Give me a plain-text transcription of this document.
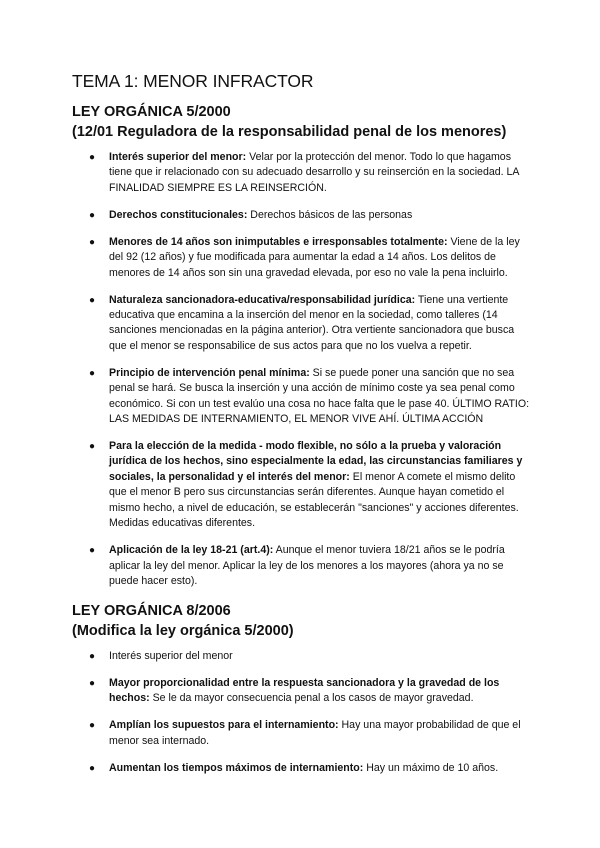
TEMA 1: MENOR INFRACTOR
LEY ORGÁNICA 5/2000
(12/01 Reguladora de la responsabilidad penal de los menores)
● Interés superior del menor: Velar por la protección del menor. Todo lo que hagamos tiene que ir relacionado con su adecuado desarrollo y su reinserción en la sociedad. LA FINALIDAD SIEMPRE ES LA REINSERCIÓN.
● Derechos constitucionales: Derechos básicos de las personas
● Menores de 14 años son inimputables e irresponsables totalmente: Viene de la ley del 92 (12 años) y fue modificada para aumentar la edad a 14 años. Los delitos de menores de 14 años son sin una gravedad elevada, por eso no vale la pena incluirlo.
● Naturaleza sancionadora-educativa/responsabilidad jurídica: Tiene una vertiente educativa que encamina a la inserción del menor en la sociedad, como talleres (14 sanciones mencionadas en la página anterior). Otra vertiente sancionadora que busca que el menor se responsabilice de sus actos para que no los vuelva a repetir.
● Principio de intervención penal mínima: Si se puede poner una sanción que no sea penal se hará. Se busca la inserción y una acción de mínimo coste ya sea penal como económico. Si con un test evalúo una cosa no hace falta que le pase 40. ÚLTIMO RATIO: LAS MEDIDAS DE INTERNAMIENTO, EL MENOR VIVE AHÍ. ÚLTIMA ACCIÓN
● Para la elección de la medida - modo flexible, no sólo a la prueba y valoración jurídica de los hechos, sino especialmente la edad, las circunstancias familiares y sociales, la personalidad y el interés del menor: El menor A comete el mismo delito que el menor B pero sus circunstancias serán diferentes. Aunque hayan cometido el mismo hecho, a nivel de educación, se establecerán "sanciones" y acciones diferentes. Medidas educativas diferentes.
● Aplicación de la ley 18-21 (art.4): Aunque el menor tuviera 18/21 años se le podría aplicar la ley del menor. Aplicar la ley de los menores a los mayores (ahora ya no se puede hacer esto).
LEY ORGÁNICA 8/2006
(Modifica la ley orgánica 5/2000)
● Interés superior del menor
● Mayor proporcionalidad entre la respuesta sancionadora y la gravedad de los hechos: Se le da mayor consecuencia penal a los casos de mayor gravedad.
● Amplían los supuestos para el internamiento: Hay una mayor probabilidad de que el menor sea internado.
● Aumentan los tiempos máximos de internamiento: Hay un máximo de 10 años.
